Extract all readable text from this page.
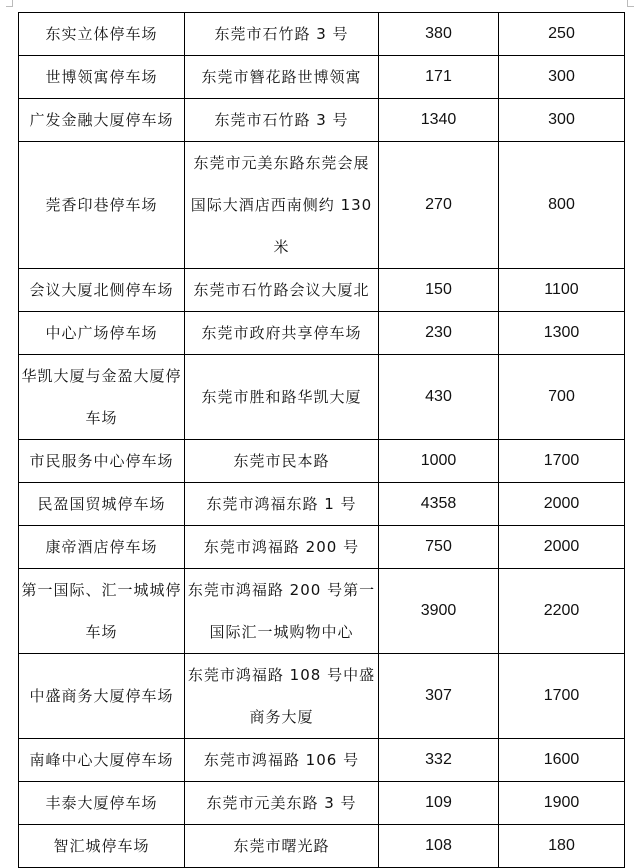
东实立体停车场	东莞市石竹路 3 号	380	250
世博领寓停车场	东莞市簪花路世博领寓	171	300
广发金融大厦停车场	东莞市石竹路 3 号	1340	300
莞香印巷停车场	东莞市元美东路东莞会展国际大酒店西南侧约 130 米	270	800
会议大厦北侧停车场	东莞市石竹路会议大厦北	150	1100
中心广场停车场	东莞市政府共享停车场	230	1300
华凯大厦与金盈大厦停车场	东莞市胜和路华凯大厦	430	700
市民服务中心停车场	东莞市民本路	1000	1700
民盈国贸城停车场	东莞市鸿福东路 1 号	4358	2000
康帝酒店停车场	东莞市鸿福路 200 号	750	2000
第一国际、汇一城城停车场	东莞市鸿福路 200 号第一国际汇一城购物中心	3900	2200
中盛商务大厦停车场	东莞市鸿福路 108 号中盛商务大厦	307	1700
南峰中心大厦停车场	东莞市鸿福路 106 号	332	1600
丰泰大厦停车场	东莞市元美东路 3 号	109	1900
智汇城停车场	东莞市曙光路	108	180
